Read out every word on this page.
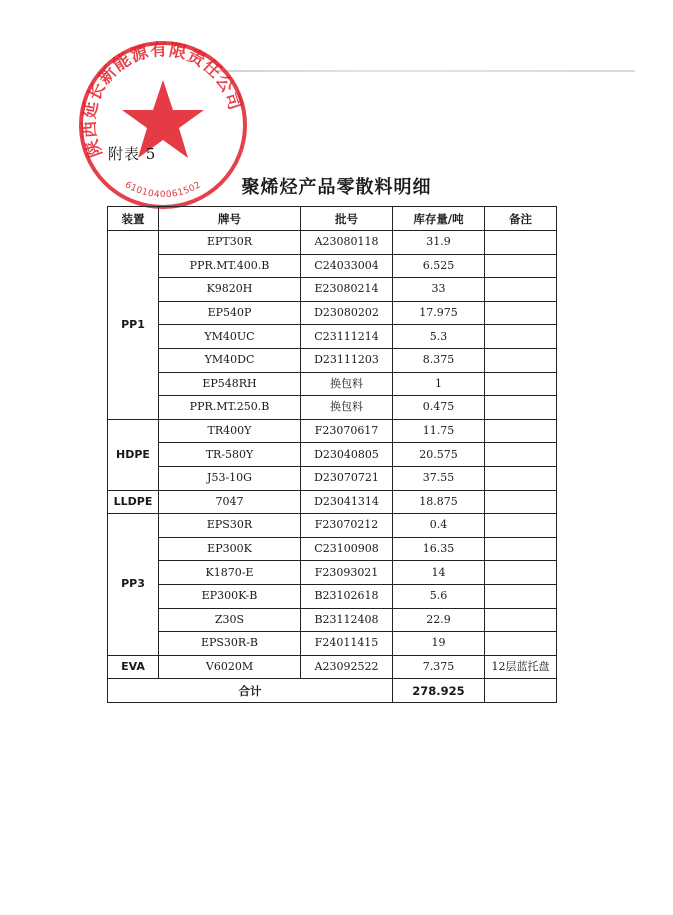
陕西延长新能源有限责任公司
6101040061502
附表 5
聚烯烃产品零散料明细
装置	牌号	批号	库存量/吨	备注
PP1	EPT30R	A23080118	31.9	
	PPR.MT.400.B	C24033004	6.525	
	K9820H	E23080214	33	
	EP540P	D23080202	17.975	
	YM40UC	C23111214	5.3	
	YM40DC	D23111203	8.375	
	EP548RH	换包料	1	
	PPR.MT.250.B	换包料	0.475	
HDPE	TR400Y	F23070617	11.75	
	TR-580Y	D23040805	20.575	
	J53-10G	D23070721	37.55	
LLDPE	7047	D23041314	18.875	
PP3	EPS30R	F23070212	0.4	
	EP300K	C23100908	16.35	
	K1870-E	F23093021	14	
	EP300K-B	B23102618	5.6	
	Z30S	B23112408	22.9	
	EPS30R-B	F24011415	19	
EVA	V6020M	A23092522	7.375	12层蓝托盘
合计			278.925	
